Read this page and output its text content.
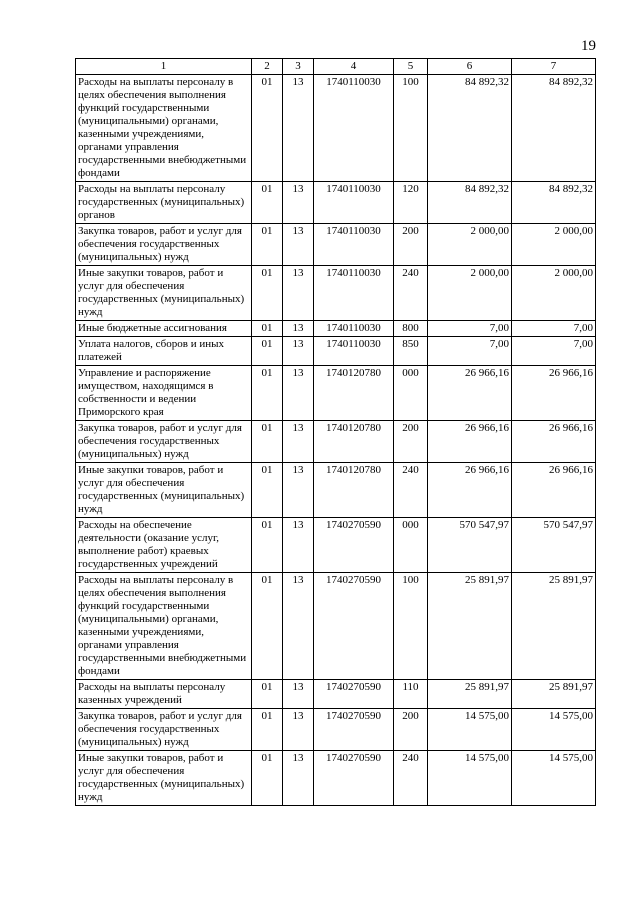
19
1	2	3	4	5	6	7
Расходы на выплаты персоналу в целях обеспечения выполнения функций государственными (муниципальными) органами, казенными учреждениями, органами управления государственными внебюджетными фондами	01	13	1740110030	100	84 892,32	84 892,32
Расходы на выплаты персоналу государственных (муниципальных) органов	01	13	1740110030	120	84 892,32	84 892,32
Закупка товаров, работ и услуг для обеспечения государственных (муниципальных) нужд	01	13	1740110030	200	2 000,00	2 000,00
Иные закупки товаров, работ и услуг для обеспечения государственных (муниципальных) нужд	01	13	1740110030	240	2 000,00	2 000,00
Иные бюджетные ассигнования	01	13	1740110030	800	7,00	7,00
Уплата налогов, сборов и иных платежей	01	13	1740110030	850	7,00	7,00
Управление и распоряжение имуществом, находящимся в собственности и ведении Приморского края	01	13	1740120780	000	26 966,16	26 966,16
Закупка товаров, работ и услуг для обеспечения государственных (муниципальных) нужд	01	13	1740120780	200	26 966,16	26 966,16
Иные закупки товаров, работ и услуг для обеспечения государственных (муниципальных) нужд	01	13	1740120780	240	26 966,16	26 966,16
Расходы на обеспечение деятельности (оказание услуг, выполнение работ) краевых государственных учреждений	01	13	1740270590	000	570 547,97	570 547,97
Расходы на выплаты персоналу в целях обеспечения выполнения функций государственными (муниципальными) органами, казенными учреждениями, органами управления государственными внебюджетными фондами	01	13	1740270590	100	25 891,97	25 891,97
Расходы на выплаты персоналу казенных учреждений	01	13	1740270590	110	25 891,97	25 891,97
Закупка товаров, работ и услуг для обеспечения государственных (муниципальных) нужд	01	13	1740270590	200	14 575,00	14 575,00
Иные закупки товаров, работ и услуг для обеспечения государственных (муниципальных) нужд	01	13	1740270590	240	14 575,00	14 575,00
